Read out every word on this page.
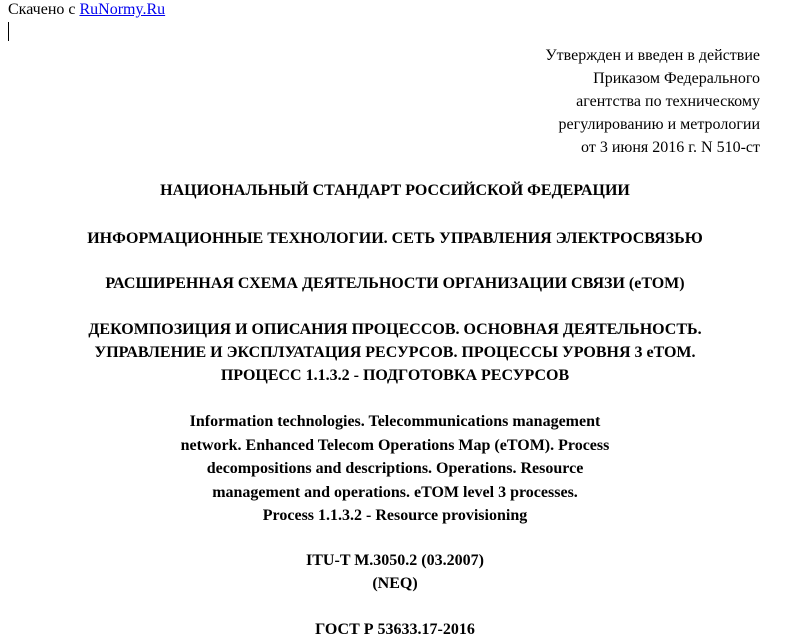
Скачено с RuNormy.Ru
Утвержден и введен в действие
Приказом Федерального
агентства по техническому
регулированию и метрологии
от 3 июня 2016 г. N 510-ст
НАЦИОНАЛЬНЫЙ СТАНДАРТ РОССИЙСКОЙ ФЕДЕРАЦИИ
ИНФОРМАЦИОННЫЕ ТЕХНОЛОГИИ. СЕТЬ УПРАВЛЕНИЯ ЭЛЕКТРОСВЯЗЬЮ
РАСШИРЕННАЯ СХЕМА ДЕЯТЕЛЬНОСТИ ОРГАНИЗАЦИИ СВЯЗИ (eTOM)
ДЕКОМПОЗИЦИЯ И ОПИСАНИЯ ПРОЦЕССОВ. ОСНОВНАЯ ДЕЯТЕЛЬНОСТЬ.
УПРАВЛЕНИЕ И ЭКСПЛУАТАЦИЯ РЕСУРСОВ. ПРОЦЕССЫ УРОВНЯ 3 eTOM.
ПРОЦЕСС 1.1.3.2 - ПОДГОТОВКА РЕСУРСОВ
Information technologies. Telecommunications management
network. Enhanced Telecom Operations Map (eTOM). Process
decompositions and descriptions. Operations. Resource
management and operations. eTOM level 3 processes.
Process 1.1.3.2 - Resource provisioning
ITU-T M.3050.2 (03.2007)
(NEQ)
ГОСТ Р 53633.17-2016
